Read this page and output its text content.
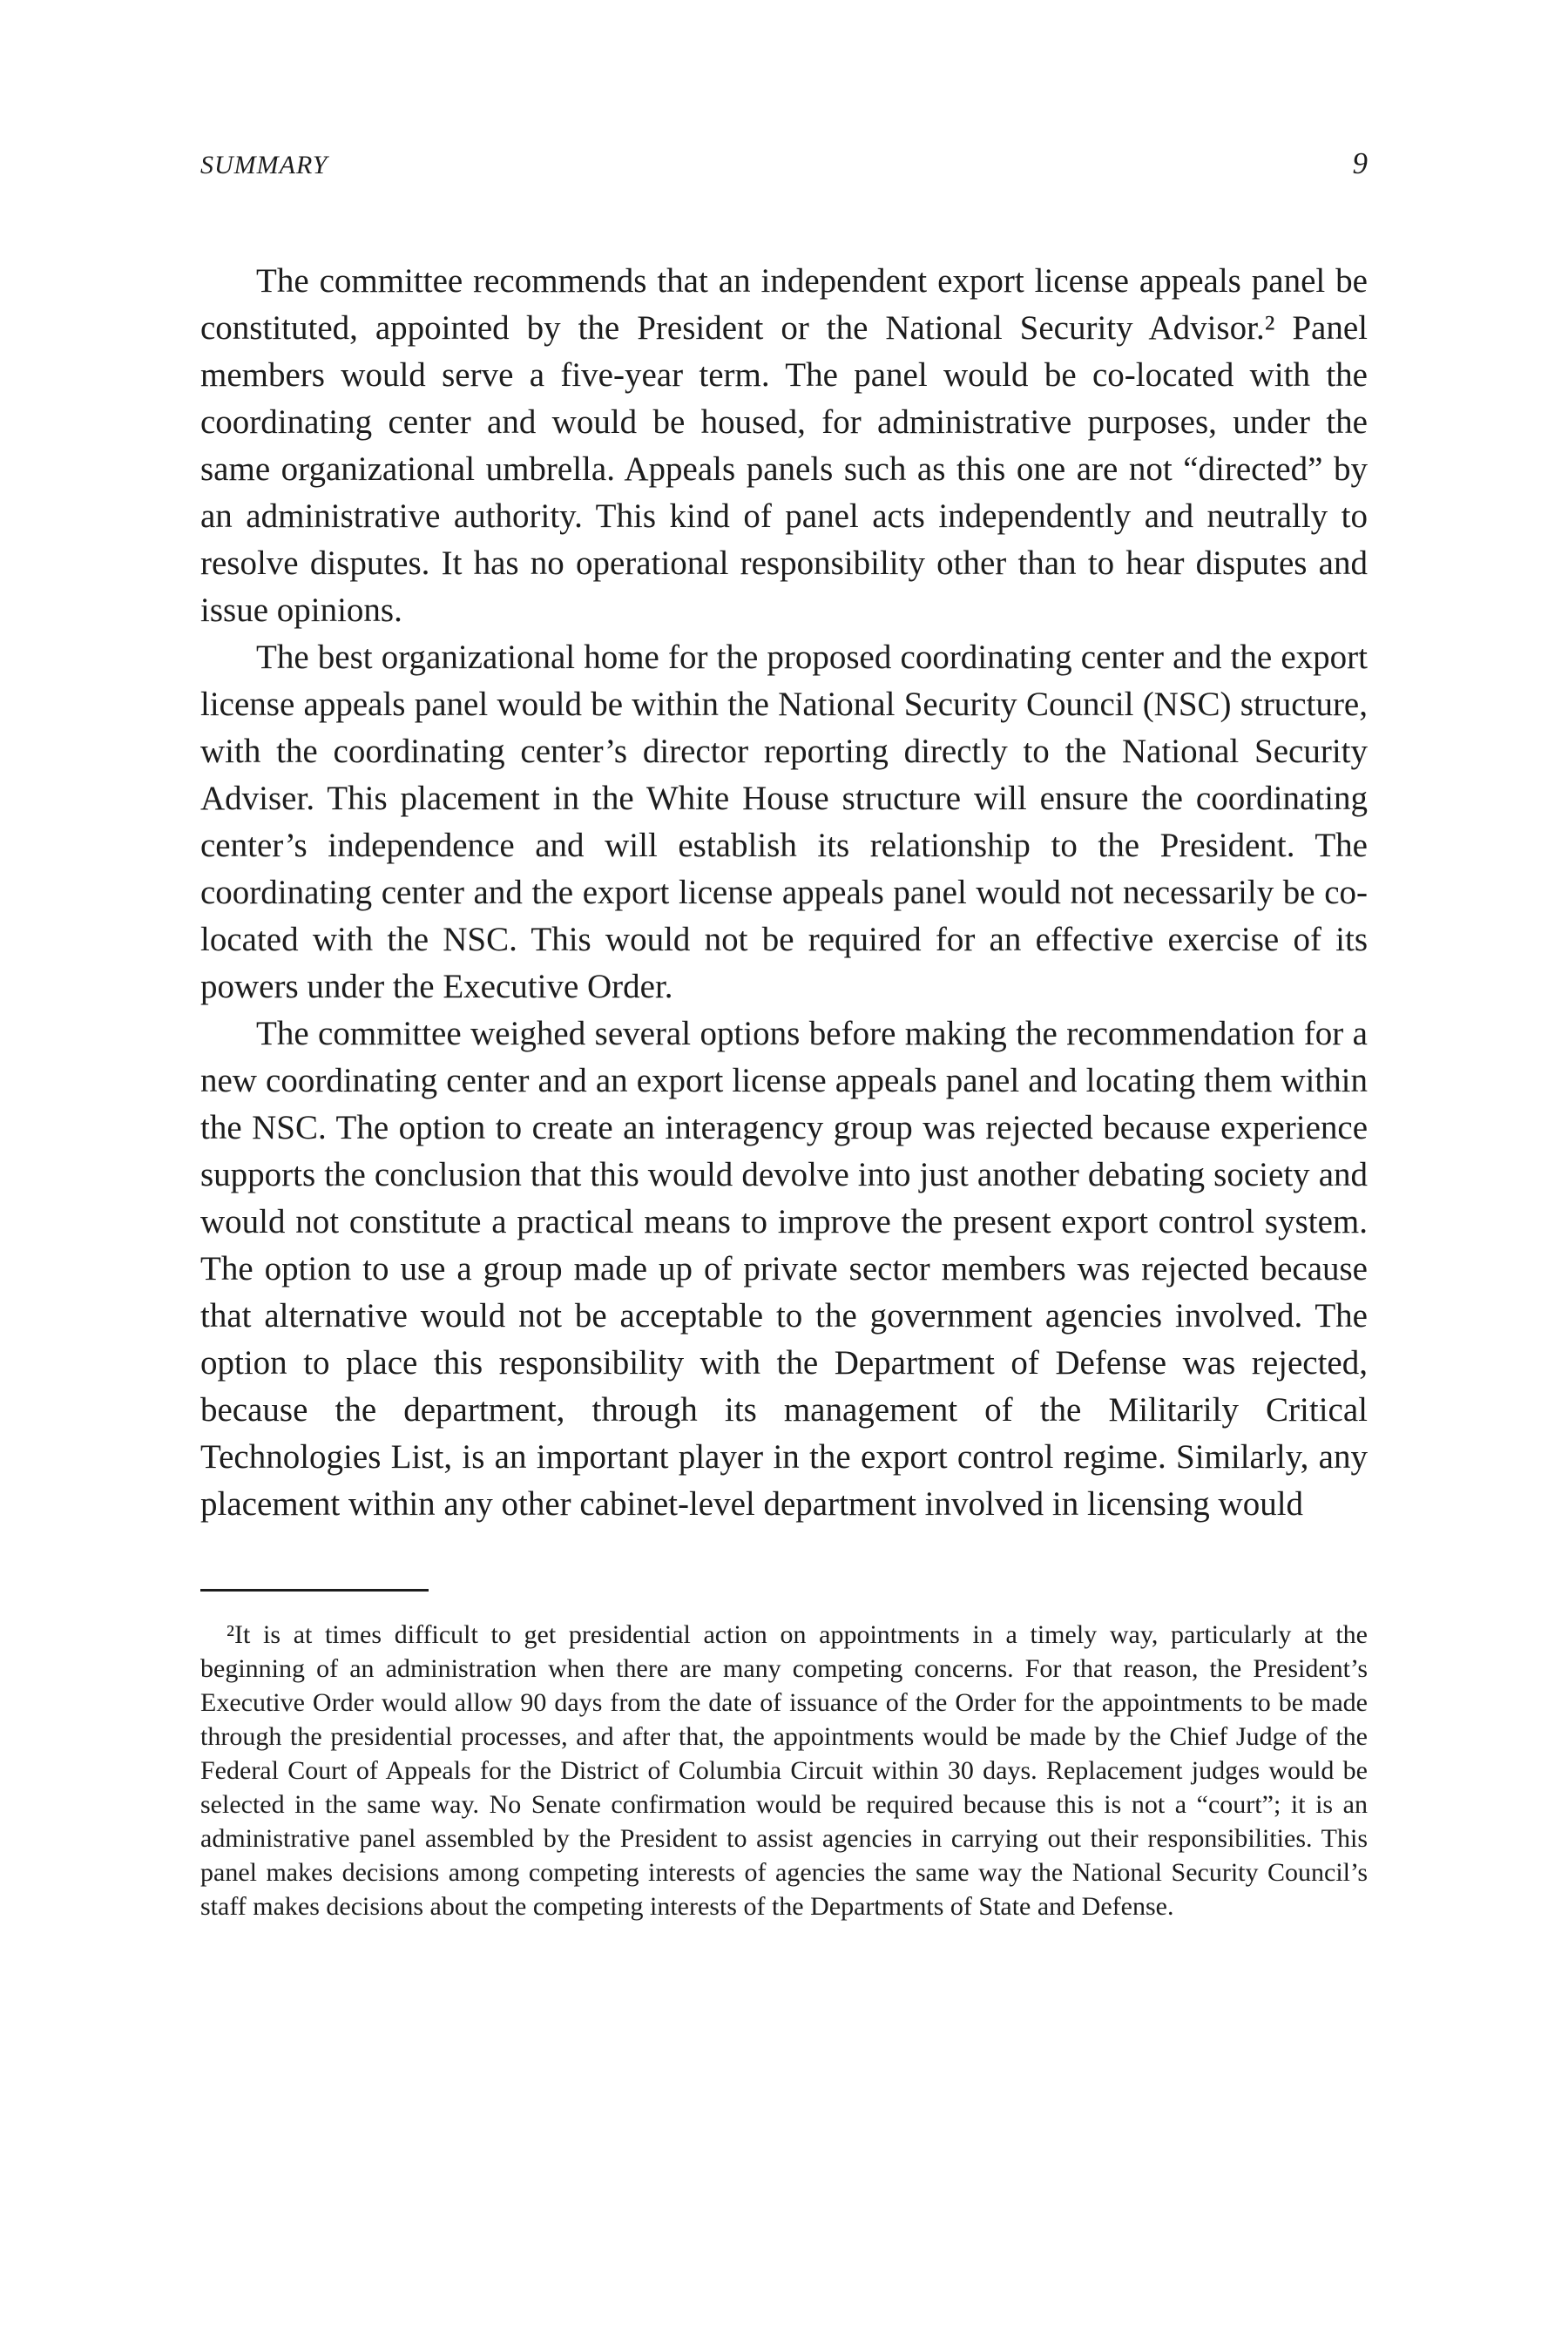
SUMMARY	9

The committee recommends that an independent export license appeals panel be constituted, appointed by the President or the National Security Advisor.² Panel members would serve a five-year term. The panel would be co-located with the coordinating center and would be housed, for administrative purposes, under the same organizational umbrella. Appeals panels such as this one are not “directed” by an administrative authority. This kind of panel acts independently and neutrally to resolve disputes. It has no operational responsibility other than to hear disputes and issue opinions.

The best organizational home for the proposed coordinating center and the export license appeals panel would be within the National Security Council (NSC) structure, with the coordinating center’s director reporting directly to the National Security Adviser. This placement in the White House structure will ensure the coordinating center’s independence and will establish its relationship to the President. The coordinating center and the export license appeals panel would not necessarily be co-located with the NSC. This would not be required for an effective exercise of its powers under the Executive Order.

The committee weighed several options before making the recommendation for a new coordinating center and an export license appeals panel and locating them within the NSC. The option to create an interagency group was rejected because experience supports the conclusion that this would devolve into just another debating society and would not constitute a practical means to improve the present export control system. The option to use a group made up of private sector members was rejected because that alternative would not be acceptable to the government agencies involved. The option to place this responsibility with the Department of Defense was rejected, because the department, through its management of the Militarily Critical Technologies List, is an important player in the export control regime. Similarly, any placement within any other cabinet-level department involved in licensing would

²It is at times difficult to get presidential action on appointments in a timely way, particularly at the beginning of an administration when there are many competing concerns. For that reason, the President’s Executive Order would allow 90 days from the date of issuance of the Order for the appointments to be made through the presidential processes, and after that, the appointments would be made by the Chief Judge of the Federal Court of Appeals for the District of Columbia Circuit within 30 days. Replacement judges would be selected in the same way. No Senate confirmation would be required because this is not a “court”; it is an administrative panel assembled by the President to assist agencies in carrying out their responsibilities. This panel makes decisions among competing interests of agencies the same way the National Security Council’s staff makes decisions about the competing interests of the Departments of State and Defense.
